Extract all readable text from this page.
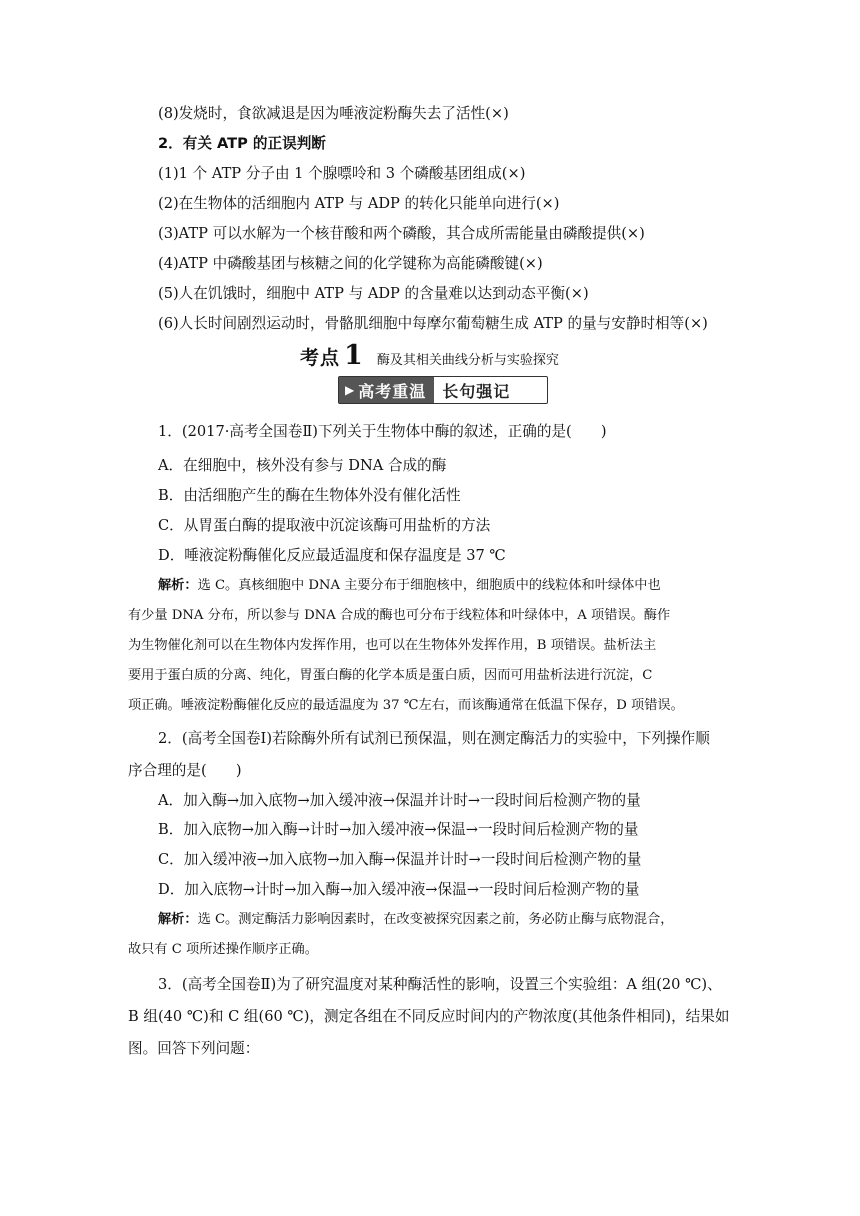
(8)发烧时，食欲减退是因为唾液淀粉酶失去了活性(×)
2．有关 ATP 的正误判断
(1)1 个 ATP 分子由 1 个腺嘌呤和 3 个磷酸基团组成(×)
(2)在生物体的活细胞内 ATP 与 ADP 的转化只能单向进行(×)
(3)ATP 可以水解为一个核苷酸和两个磷酸，其合成所需能量由磷酸提供(×)
(4)ATP 中磷酸基团与核糖之间的化学键称为高能磷酸键(×)
(5)人在饥饿时，细胞中 ATP 与 ADP 的含量难以达到动态平衡(×)
(6)人长时间剧烈运动时，骨骼肌细胞中每摩尔葡萄糖生成 ATP 的量与安静时相等(×)
考点 1 酶及其相关曲线分析与实验探究
▶ 高考重温 长句强记
1．(2017·高考全国卷Ⅱ)下列关于生物体中酶的叙述，正确的是(　　)
A．在细胞中，核外没有参与 DNA 合成的酶
B．由活细胞产生的酶在生物体外没有催化活性
C．从胃蛋白酶的提取液中沉淀该酶可用盐析的方法
D．唾液淀粉酶催化反应最适温度和保存温度是 37 ℃
解析：选 C。真核细胞中 DNA 主要分布于细胞核中，细胞质中的线粒体和叶绿体中也
有少量 DNA 分布，所以参与 DNA 合成的酶也可分布于线粒体和叶绿体中，A 项错误。酶作
为生物催化剂可以在生物体内发挥作用，也可以在生物体外发挥作用，B 项错误。盐析法主
要用于蛋白质的分离、纯化，胃蛋白酶的化学本质是蛋白质，因而可用盐析法进行沉淀，C
项正确。唾液淀粉酶催化反应的最适温度为 37 ℃左右，而该酶通常在低温下保存，D 项错误。
2．(高考全国卷Ⅰ)若除酶外所有试剂已预保温，则在测定酶活力的实验中，下列操作顺
序合理的是(　　)
A．加入酶→加入底物→加入缓冲液→保温并计时→一段时间后检测产物的量
B．加入底物→加入酶→计时→加入缓冲液→保温→一段时间后检测产物的量
C．加入缓冲液→加入底物→加入酶→保温并计时→一段时间后检测产物的量
D．加入底物→计时→加入酶→加入缓冲液→保温→一段时间后检测产物的量
解析：选 C。测定酶活力影响因素时，在改变被探究因素之前，务必防止酶与底物混合，
故只有 C 项所述操作顺序正确。
3．(高考全国卷Ⅱ)为了研究温度对某种酶活性的影响，设置三个实验组：A 组(20 ℃)、
B 组(40 ℃)和 C 组(60 ℃)，测定各组在不同反应时间内的产物浓度(其他条件相同)，结果如
图。回答下列问题：
